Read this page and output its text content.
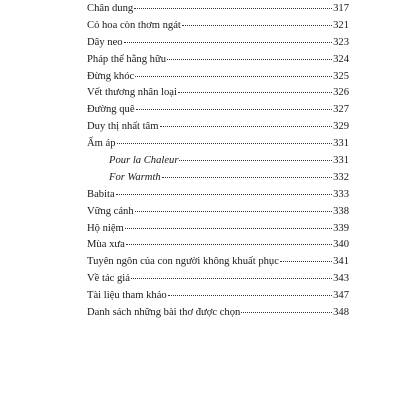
Chân dung	317
Cỏ hoa còn thơm ngát	321
Dây neo	323
Pháp thể hằng hữu	324
Đừng khóc	325
Vết thương nhân loại	326
Đường quê	327
Duy thị nhất tâm	329
Ấm áp	331
Pour la Chaleur	331
For Warmth	332
Babita	333
Vững cánh	338
Hộ niệm	339
Mùa xưa	340
Tuyên ngôn của con người không khuất phục	341
Về tác giả	343
Tài liệu tham khảo	347
Danh sách những bài thơ được chọn	348
